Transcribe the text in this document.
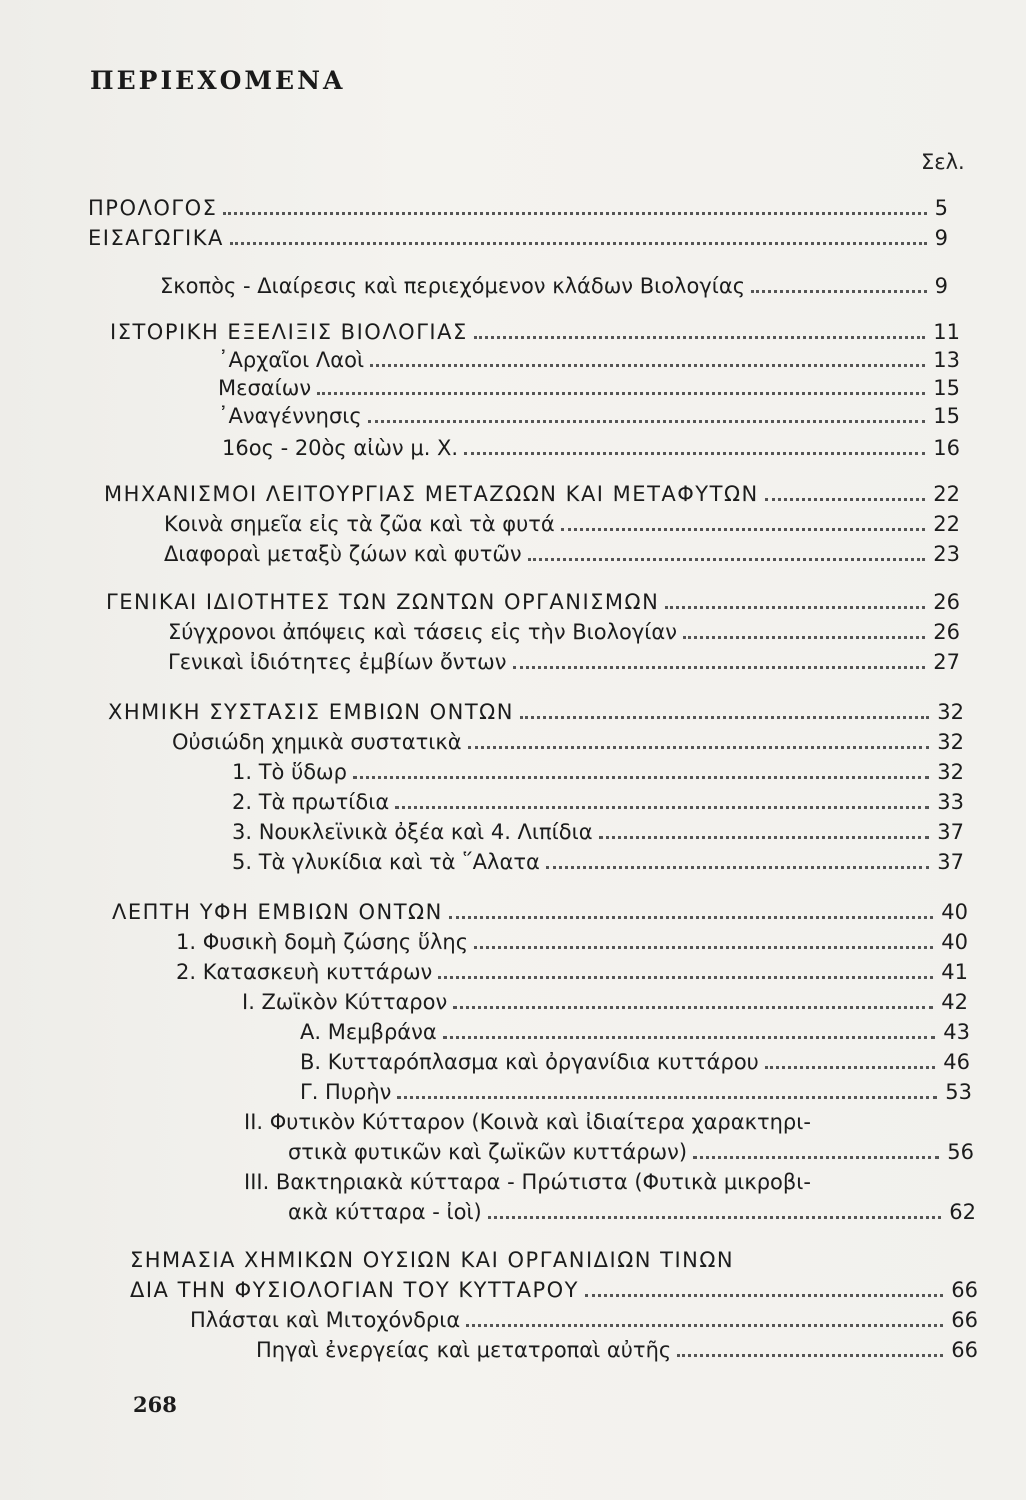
ΠΕΡΙΕΧΟΜΕΝΑ
Σελ.
ΠΡΟΛΟΓΟΣ	5
ΕΙΣΑΓΩΓΙΚΑ	9
Σκοπὸς - Διαίρεσις καὶ περιεχόμενον κλάδων Βιολογίας	9
ΙΣΤΟΡΙΚΗ ΕΞΕΛΙΞΙΣ ΒΙΟΛΟΓΙΑΣ	11
᾿Αρχαῖοι Λαοὶ	13
Μεσαίων	15
᾿Αναγέννησις	15
16ος - 20ὸς αἰὼν μ. Χ.	16
ΜΗΧΑΝΙΣΜΟΙ ΛΕΙΤΟΥΡΓΙΑΣ ΜΕΤΑΖΩΩΝ ΚΑΙ ΜΕΤΑΦΥΤΩΝ	22
Κοινὰ σημεῖα εἰς τὰ ζῶα καὶ τὰ φυτά	22
Διαφοραὶ μεταξὺ ζώων καὶ φυτῶν	23
ΓΕΝΙΚΑΙ ΙΔΙΟΤΗΤΕΣ ΤΩΝ ΖΩΝΤΩΝ ΟΡΓΑΝΙΣΜΩΝ	26
Σύγχρονοι ἀπόψεις καὶ τάσεις εἰς τὴν Βιολογίαν	26
Γενικαὶ ἰδιότητες ἐμβίων ὄντων	27
ΧΗΜΙΚΗ ΣΥΣΤΑΣΙΣ ΕΜΒΙΩΝ ΟΝΤΩΝ	32
Οὐσιώδη χημικὰ συστατικὰ	32
1. Τὸ ὕδωρ	32
2. Τὰ πρωτίδια	33
3. Νουκλεϊνικὰ ὀξέα καὶ 4. Λιπίδια	37
5. Τὰ γλυκίδια καὶ τὰ ῞Αλατα	37
ΛΕΠΤΗ ΥΦΗ ΕΜΒΙΩΝ ΟΝΤΩΝ	40
1. Φυσικὴ δομὴ ζώσης ὕλης	40
2. Κατασκευὴ κυττάρων	41
Ι. Ζωϊκὸν Κύτταρον	42
Α. Μεμβράνα	43
Β. Κυτταρόπλασμα καὶ ὀργανίδια κυττάρου	46
Γ. Πυρὴν	53
ΙΙ. Φυτικὸν Κύτταρον (Κοινὰ καὶ ἰδιαίτερα χαρακτηρι-
στικὰ φυτικῶν καὶ ζωϊκῶν κυττάρων)	56
ΙΙΙ. Βακτηριακὰ κύτταρα - Πρώτιστα (Φυτικὰ μικροβι-
ακὰ κύτταρα - ἰοὶ)	62
ΣΗΜΑΣΙΑ ΧΗΜΙΚΩΝ ΟΥΣΙΩΝ ΚΑΙ ΟΡΓΑΝΙΔΙΩΝ ΤΙΝΩΝ
ΔΙΑ ΤΗΝ ΦΥΣΙΟΛΟΓΙΑΝ ΤΟΥ ΚΥΤΤΑΡΟΥ	66
Πλάσται καὶ Μιτοχόνδρια	66
Πηγαὶ ἐνεργείας καὶ μετατροπαὶ αὐτῆς	66
268
